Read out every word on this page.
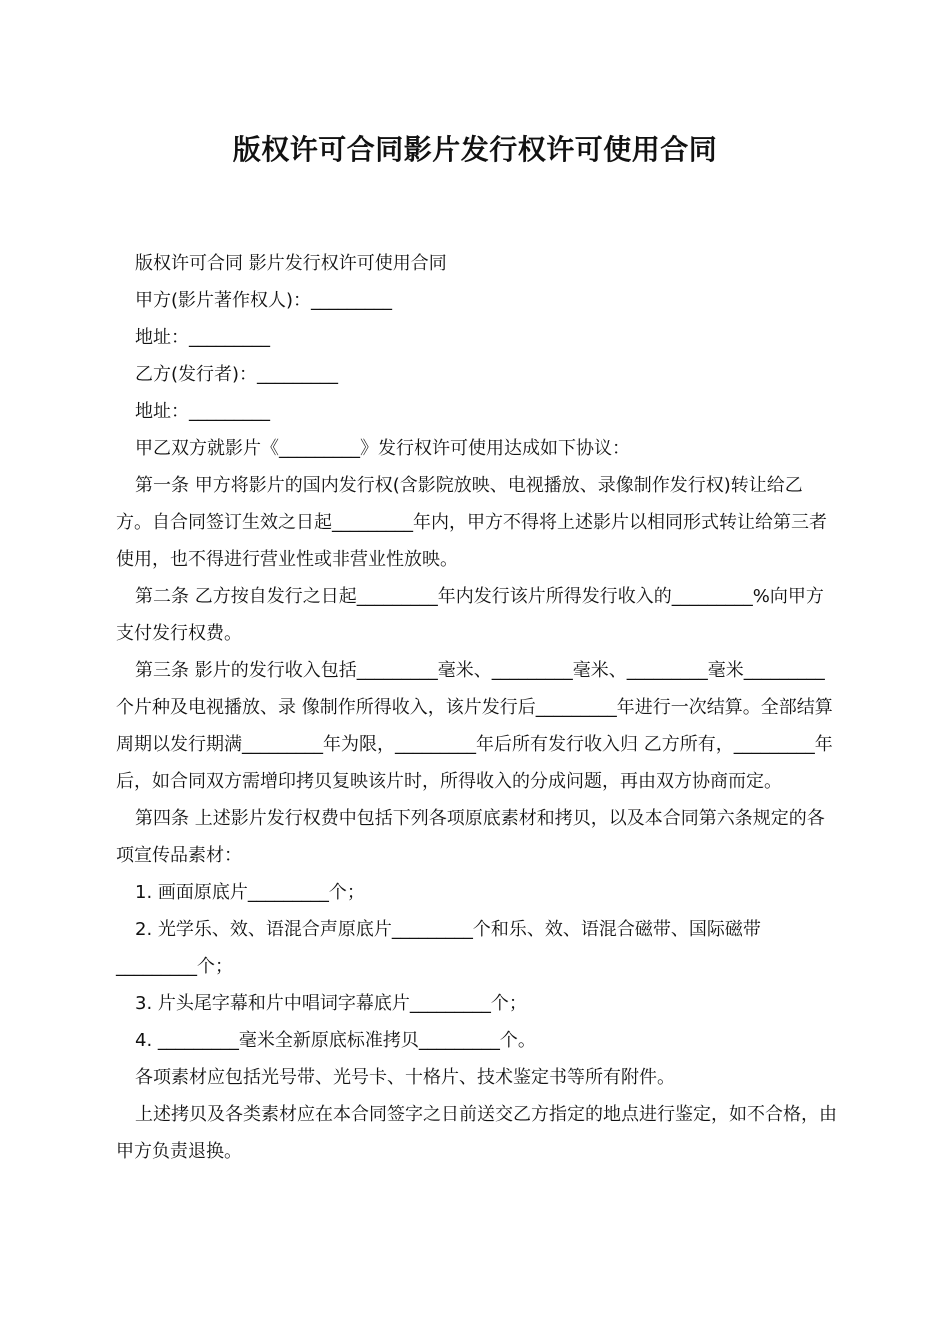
版权许可合同影片发行权许可使用合同

版权许可合同 影片发行权许可使用合同

甲方(影片著作权人)：_________

地址：_________

乙方(发行者)：_________

地址：_________

甲乙双方就影片《_________》发行权许可使用达成如下协议：

第一条 甲方将影片的国内发行权(含影院放映、电视播放、录像制作发行权)转让给乙方。自合同签订生效之日起_________年内，甲方不得将上述影片以相同形式转让给第三者使用，也不得进行营业性或非营业性放映。

第二条 乙方按自发行之日起_________年内发行该片所得发行收入的_________%向甲方支付发行权费。

第三条 影片的发行收入包括_________毫米、_________毫米、_________毫米_________个片种及电视播放、录 像制作所得收入，该片发行后_________年进行一次结算。全部结算周期以发行期满_________年为限，_________年后所有发行收入归 乙方所有，_________年后，如合同双方需增印拷贝复映该片时，所得收入的分成问题，再由双方协商而定。

第四条 上述影片发行权费中包括下列各项原底素材和拷贝，以及本合同第六条规定的各项宣传品素材：

1. 画面原底片_________个；

2. 光学乐、效、语混合声原底片_________个和乐、效、语混合磁带、国际磁带_________个；

3. 片头尾字幕和片中唱词字幕底片_________个；

4. _________毫米全新原底标准拷贝_________个。

各项素材应包括光号带、光号卡、十格片、技术鉴定书等所有附件。

上述拷贝及各类素材应在本合同签字之日前送交乙方指定的地点进行鉴定，如不合格，由甲方负责退换。
